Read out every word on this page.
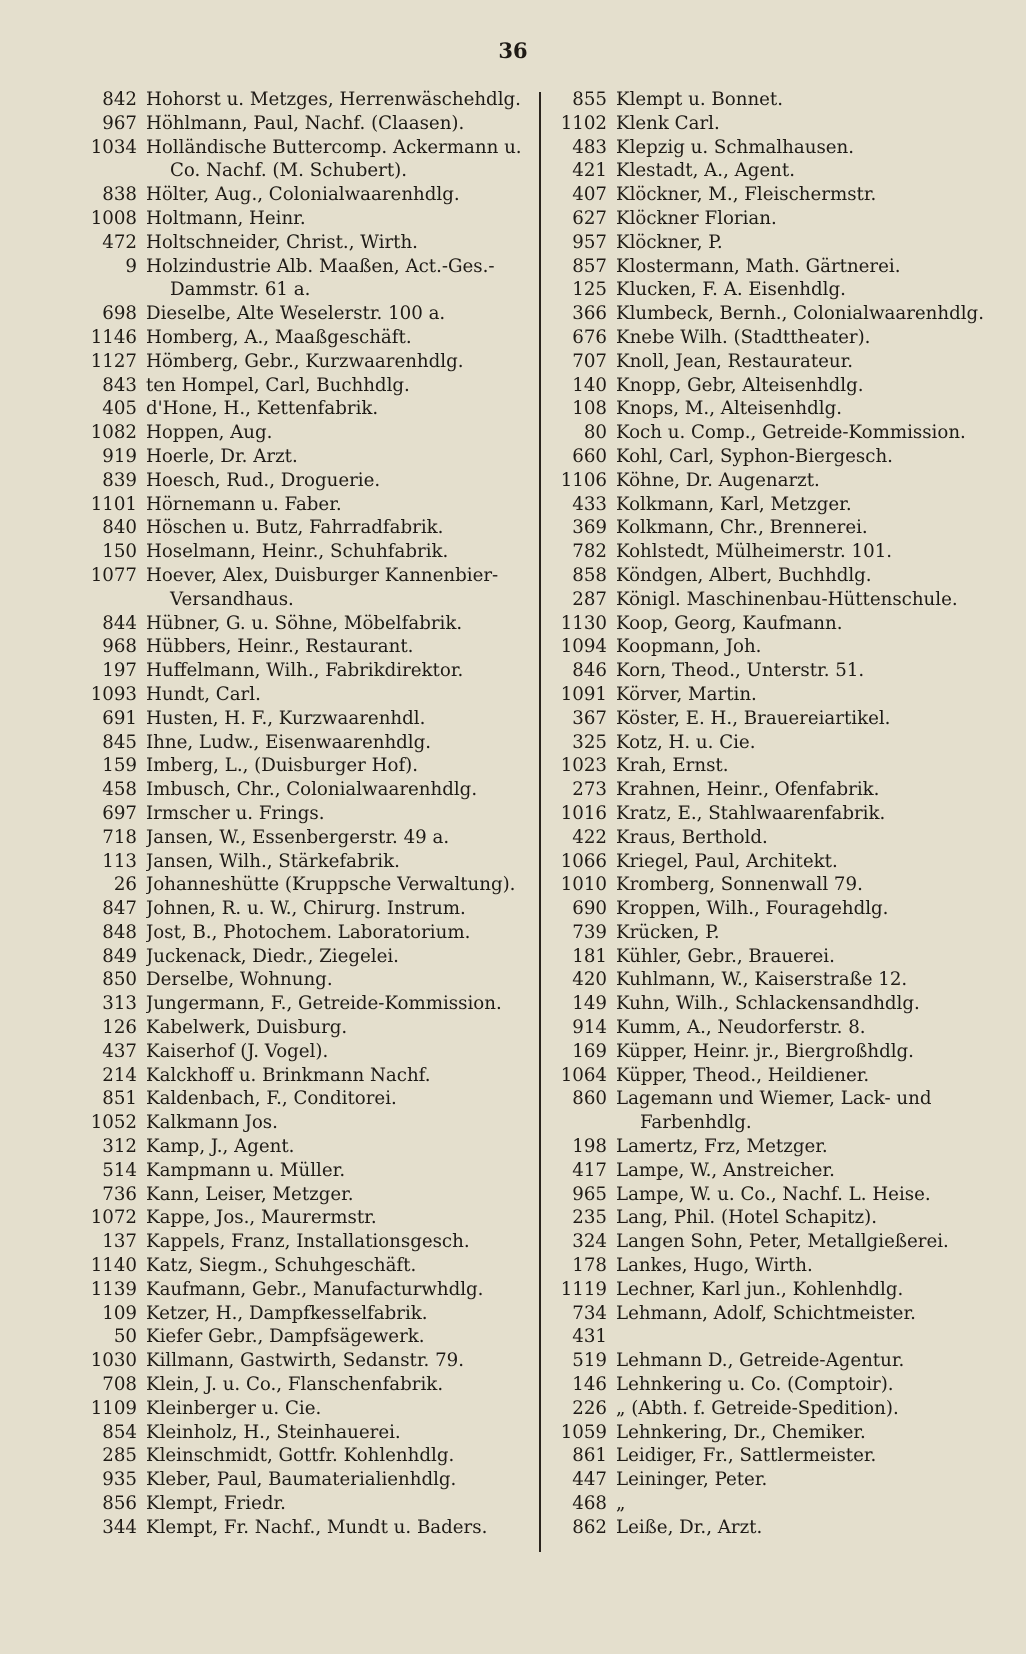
36
842 Hohorst u. Metzges, Herrenwäschehdlg.
967 Höhlmann, Paul, Nachf. (Claasen).
1034 Holländische Buttercomp. Ackermann u.
Co. Nachf. (M. Schubert).
838 Hölter, Aug., Colonialwaarenhdlg.
1008 Holtmann, Heinr.
472 Holtschneider, Christ., Wirth.
9 Holzindustrie Alb. Maaßen, Act.-Ges.-
Dammstr. 61 a.
698 Dieselbe, Alte Weselerstr. 100 a.
1146 Homberg, A., Maaßgeschäft.
1127 Hömberg, Gebr., Kurzwaarenhdlg.
843 ten Hompel, Carl, Buchhdlg.
405 d'Hone, H., Kettenfabrik.
1082 Hoppen, Aug.
919 Hoerle, Dr. Arzt.
839 Hoesch, Rud., Droguerie.
1101 Hörnemann u. Faber.
840 Höschen u. Butz, Fahrradfabrik.
150 Hoselmann, Heinr., Schuhfabrik.
1077 Hoever, Alex, Duisburger Kannenbier-
Versandhaus.
844 Hübner, G. u. Söhne, Möbelfabrik.
968 Hübbers, Heinr., Restaurant.
197 Huffelmann, Wilh., Fabrikdirektor.
1093 Hundt, Carl.
691 Husten, H. F., Kurzwaarenhdl.
845 Ihne, Ludw., Eisenwaarenhdlg.
159 Imberg, L., (Duisburger Hof).
458 Imbusch, Chr., Colonialwaarenhdlg.
697 Irmscher u. Frings.
718 Jansen, W., Essenbergerstr. 49 a.
113 Jansen, Wilh., Stärkefabrik.
26 Johanneshütte (Kruppsche Verwaltung).
847 Johnen, R. u. W., Chirurg. Instrum.
848 Jost, B., Photochem. Laboratorium.
849 Juckenack, Diedr., Ziegelei.
850 Derselbe, Wohnung.
313 Jungermann, F., Getreide-Kommission.
126 Kabelwerk, Duisburg.
437 Kaiserhof (J. Vogel).
214 Kalckhoff u. Brinkmann Nachf.
851 Kaldenbach, F., Conditorei.
1052 Kalkmann Jos.
312 Kamp, J., Agent.
514 Kampmann u. Müller.
736 Kann, Leiser, Metzger.
1072 Kappe, Jos., Maurermstr.
137 Kappels, Franz, Installationsgesch.
1140 Katz, Siegm., Schuhgeschäft.
1139 Kaufmann, Gebr., Manufacturwhdlg.
109 Ketzer, H., Dampfkesselfabrik.
50 Kiefer Gebr., Dampfsägewerk.
1030 Killmann, Gastwirth, Sedanstr. 79.
708 Klein, J. u. Co., Flanschenfabrik.
1109 Kleinberger u. Cie.
854 Kleinholz, H., Steinhauerei.
285 Kleinschmidt, Gottfr. Kohlenhdlg.
935 Kleber, Paul, Baumaterialienhdlg.
856 Klempt, Friedr.
344 Klempt, Fr. Nachf., Mundt u. Baders.
855 Klempt u. Bonnet.
1102 Klenk Carl.
483 Klepzig u. Schmalhausen.
421 Klestadt, A., Agent.
407 Klöckner, M., Fleischermstr.
627 Klöckner Florian.
957 Klöckner, P.
857 Klostermann, Math. Gärtnerei.
125 Klucken, F. A. Eisenhdlg.
366 Klumbeck, Bernh., Colonialwaarenhdlg.
676 Knebe Wilh. (Stadttheater).
707 Knoll, Jean, Restaurateur.
140 Knopp, Gebr, Alteisenhdlg.
108 Knops, M., Alteisenhdlg.
80 Koch u. Comp., Getreide-Kommission.
660 Kohl, Carl, Syphon-Biergesch.
1106 Köhne, Dr. Augenarzt.
433 Kolkmann, Karl, Metzger.
369 Kolkmann, Chr., Brennerei.
782 Kohlstedt, Mülheimerstr. 101.
858 Köndgen, Albert, Buchhdlg.
287 Königl. Maschinenbau-Hüttenschule.
1130 Koop, Georg, Kaufmann.
1094 Koopmann, Joh.
846 Korn, Theod., Unterstr. 51.
1091 Körver, Martin.
367 Köster, E. H., Brauereiartikel.
325 Kotz, H. u. Cie.
1023 Krah, Ernst.
273 Krahnen, Heinr., Ofenfabrik.
1016 Kratz, E., Stahlwaarenfabrik.
422 Kraus, Berthold.
1066 Kriegel, Paul, Architekt.
1010 Kromberg, Sonnenwall 79.
690 Kroppen, Wilh., Fouragehdlg.
739 Krücken, P.
181 Kühler, Gebr., Brauerei.
420 Kuhlmann, W., Kaiserstraße 12.
149 Kuhn, Wilh., Schlackensandhdlg.
914 Kumm, A., Neudorferstr. 8.
169 Küpper, Heinr. jr., Biergroßhdlg.
1064 Küpper, Theod., Heildiener.
860 Lagemann und Wiemer, Lack- und
Farbenhdlg.
198 Lamertz, Frz, Metzger.
417 Lampe, W., Anstreicher.
965 Lampe, W. u. Co., Nachf. L. Heise.
235 Lang, Phil. (Hotel Schapitz).
324 Langen Sohn, Peter, Metallgießerei.
178 Lankes, Hugo, Wirth.
1119 Lechner, Karl jun., Kohlenhdlg.
734 Lehmann, Adolf, Schichtmeister.
431
519 Lehmann D., Getreide-Agentur.
146 Lehnkering u. Co. (Comptoir).
226 „ (Abth. f. Getreide-Spedition).
1059 Lehnkering, Dr., Chemiker.
861 Leidiger, Fr., Sattlermeister.
447 Leininger, Peter.
468 „
862 Leiße, Dr., Arzt.
